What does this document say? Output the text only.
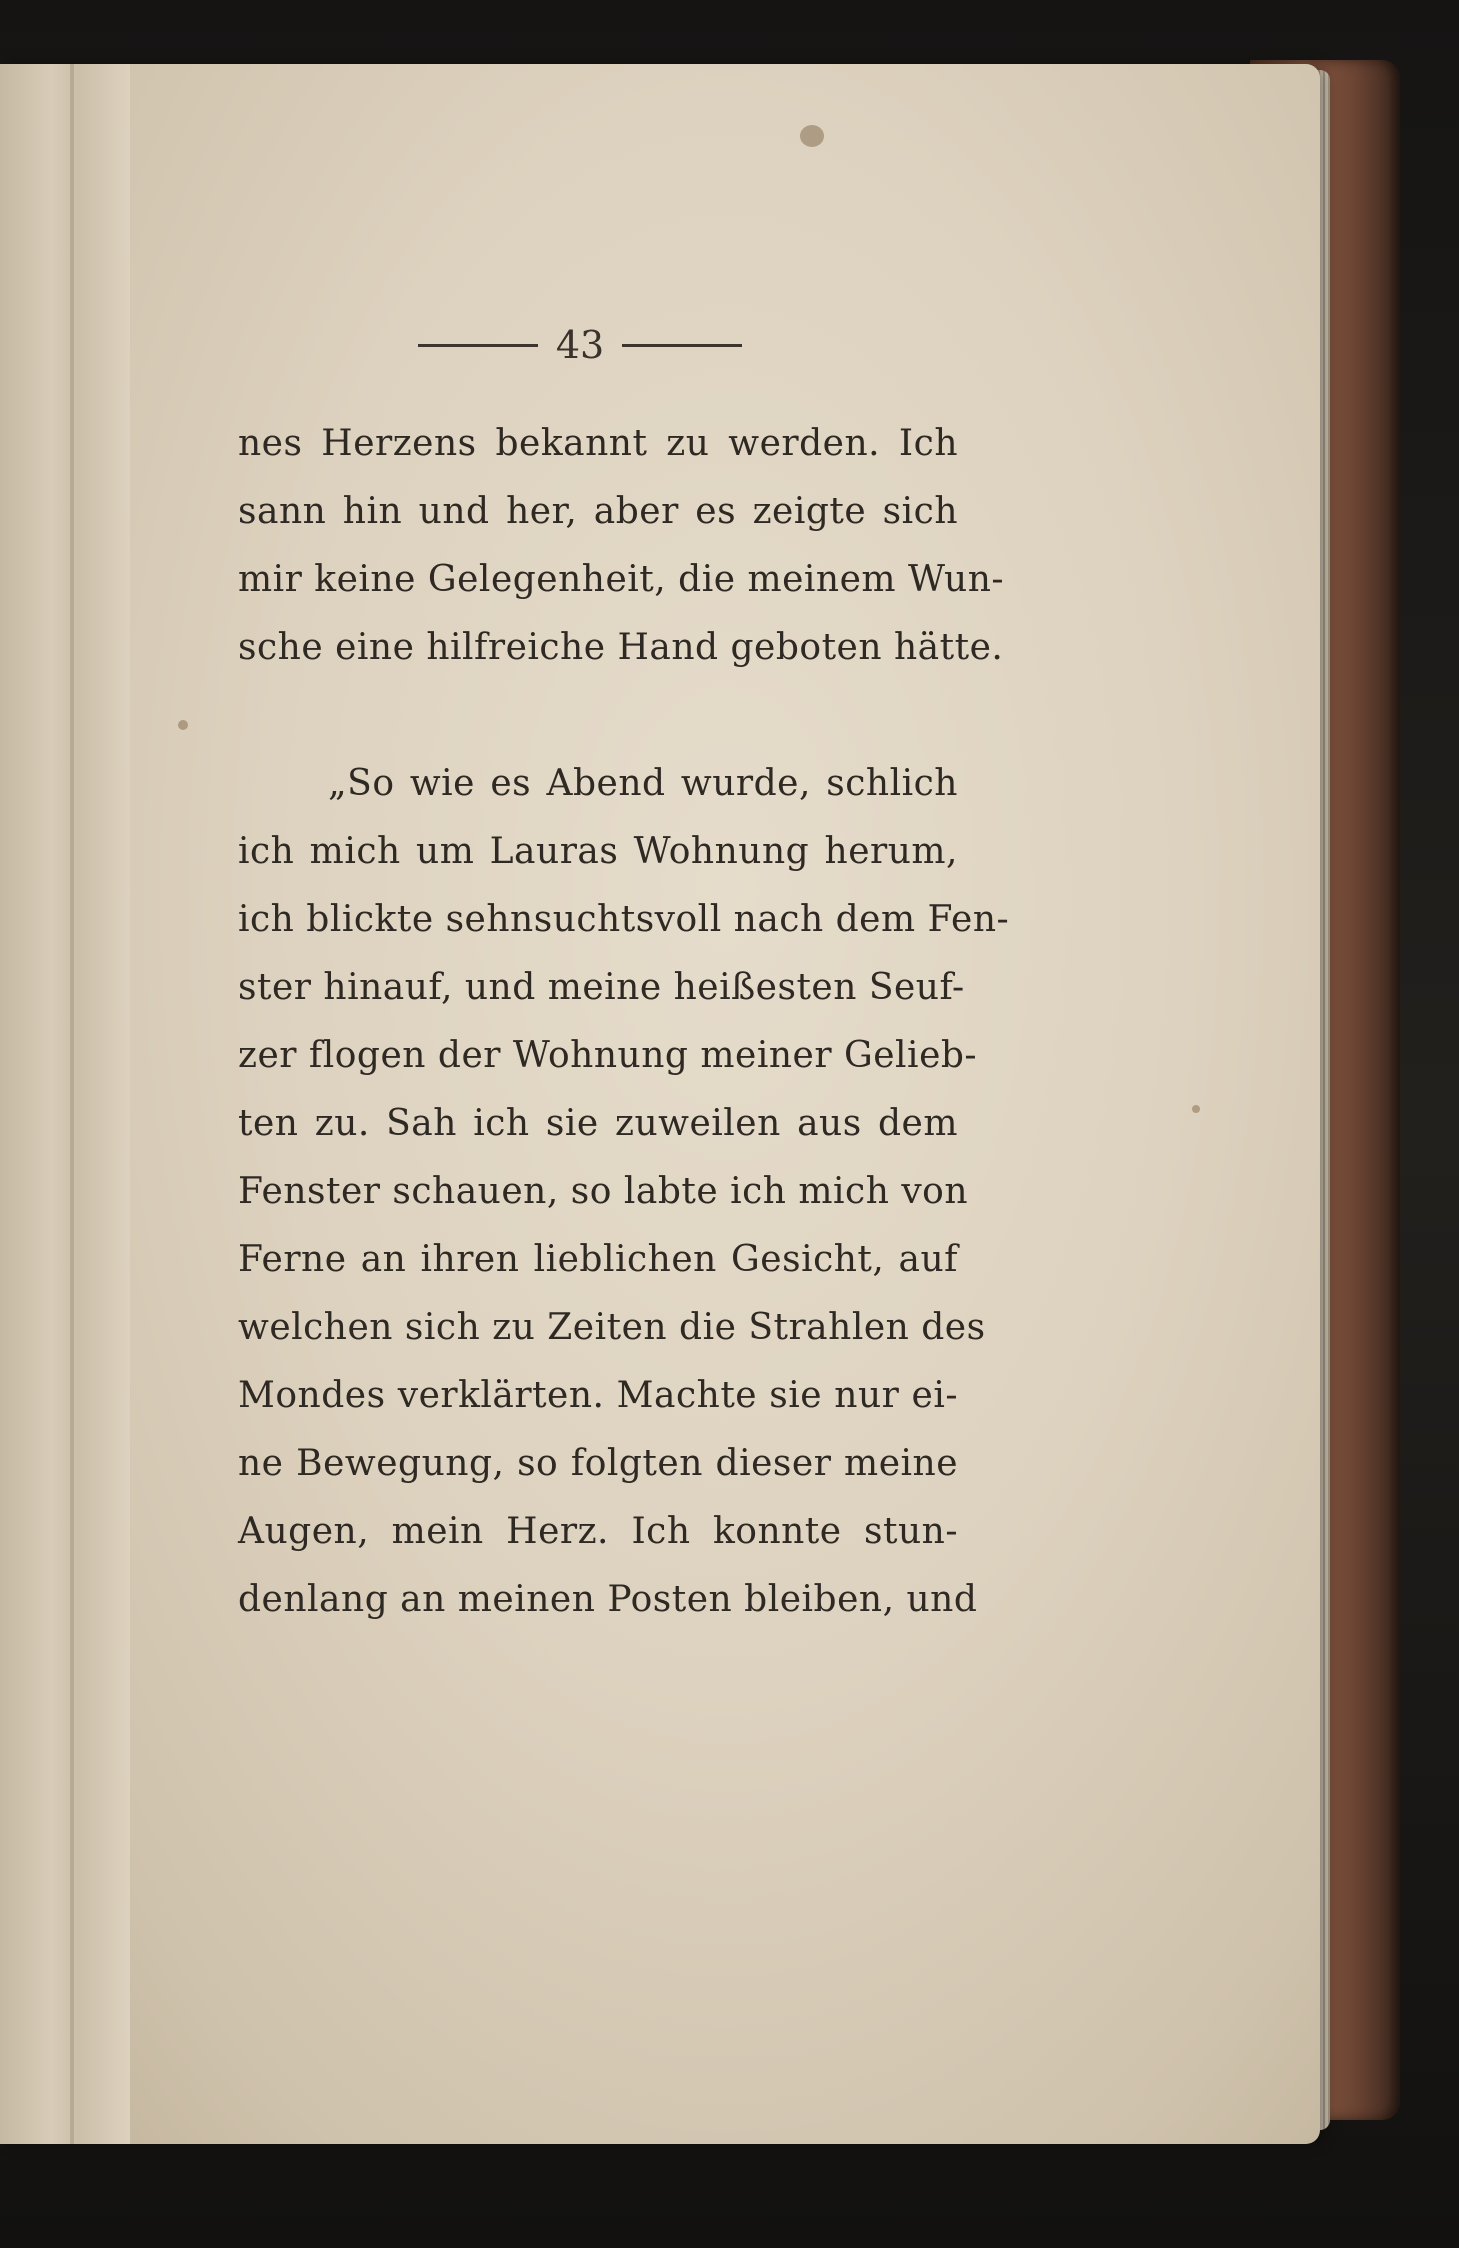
43
nes Herzens bekannt zu werden. Ich
sann hin und her, aber es zeigte sich
mir keine Gelegenheit, die meinem Wun-
sche eine hilfreiche Hand geboten hätte.
„So wie es Abend wurde, schlich
ich mich um Lauras Wohnung herum,
ich blickte sehnsuchtsvoll nach dem Fen-
ster hinauf, und meine heißesten Seuf-
zer flogen der Wohnung meiner Gelieb-
ten zu. Sah ich sie zuweilen aus dem
Fenster schauen, so labte ich mich von
Ferne an ihren lieblichen Gesicht, auf
welchen sich zu Zeiten die Strahlen des
Mondes verklärten. Machte sie nur ei-
ne Bewegung, so folgten dieser meine
Augen, mein Herz. Ich konnte stun-
denlang an meinen Posten bleiben, und
